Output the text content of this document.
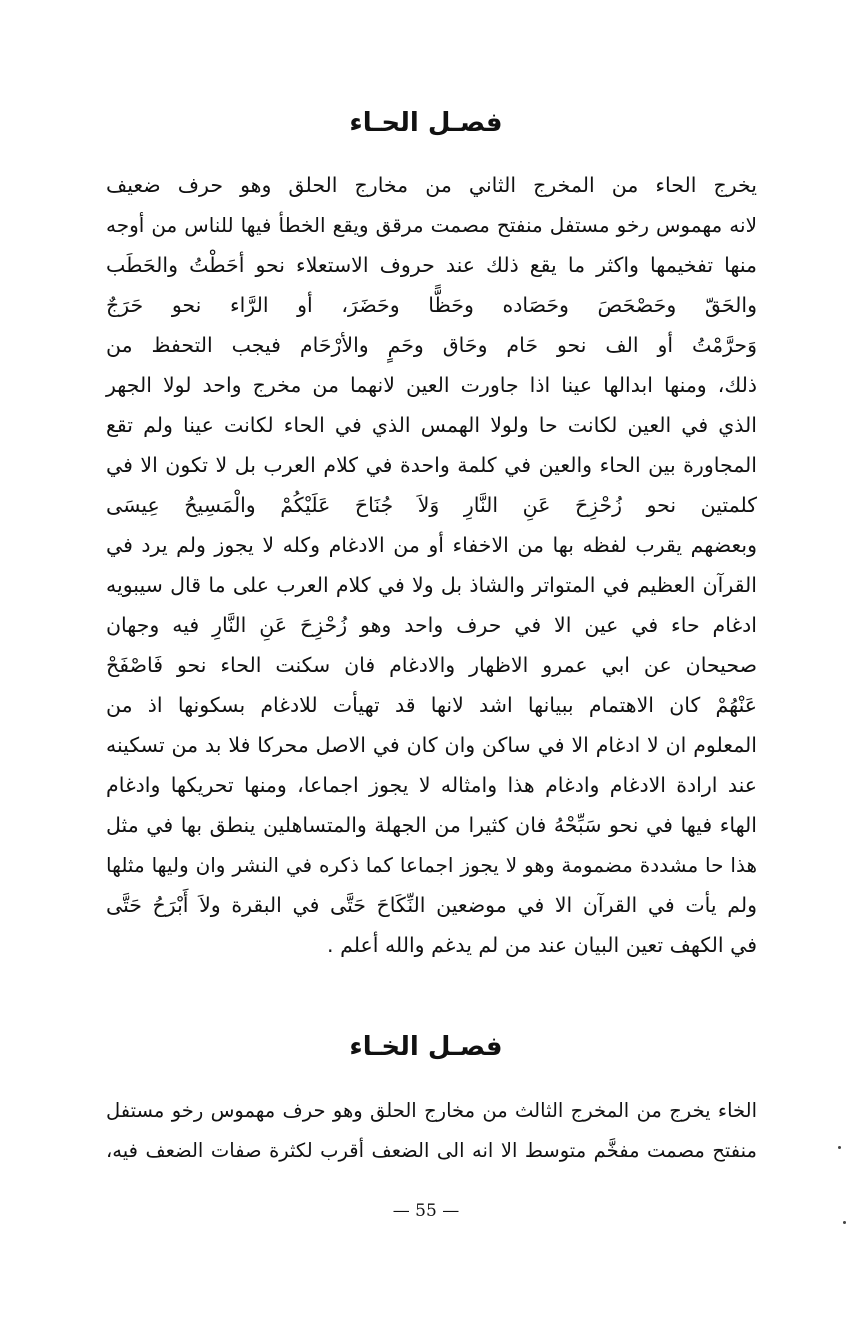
فصـل الحـاء
يخرج الحاء من المخرج الثاني من مخارج الحلق وهو حرف ضعيف
لانه مهموس رخو مستفل منفتح مصمت مرقق ويقع الخطأ فيها للناس من أوجه
منها تفخيمها واكثر ما يقع ذلك عند حروف الاستعلاء نحو أحَطْتُ والحَطَب
والحَقّ وحَصْحَصَ وحَصَاده وحَظًّا وحَضَرَ، أو الرَّاء نحو حَرَجٌ
وَحرَّمْتُ أو الف نحو حَام وحَاق وحَمٍ والأرْحَام فيجب التحفظ من
ذلك، ومنها ابدالها عينا اذا جاورت العين لانهما من مخرج واحد لولا الجهر
الذي في العين لكانت حا ولولا الهمس الذي في الحاء لكانت عينا ولم تقع
المجاورة بين الحاء والعين في كلمة واحدة في كلام العرب بل لا تكون الا في
كلمتين نحو زُحْزِحَ عَنِ النَّارِ وَلاَ جُنَاحَ عَلَيْكُمْ والْمَسِيحُ عِيسَى
وبعضهم يقرب لفظه بها من الاخفاء أو من الادغام وكله لا يجوز ولم يرد في
القرآن العظيم في المتواتر والشاذ بل ولا في كلام العرب على ما قال سيبويه
ادغام حاء في عين الا في حرف واحد وهو زُحْزِحَ عَنِ النَّارِ فيه وجهان
صحيحان عن ابي عمرو الاظهار والادغام فان سكنت الحاء نحو فَاصْفَحْ
عَنْهُمْ كان الاهتمام ببيانها اشد لانها قد تهيأت للادغام بسكونها اذ من
المعلوم ان لا ادغام الا في ساكن وان كان في الاصل محركا فلا بد من تسكينه
عند ارادة الادغام وادغام هذا وامثاله لا يجوز اجماعا، ومنها تحريكها وادغام
الهاء فيها في نحو سَبِّحْهُ فان كثيرا من الجهلة والمتساهلين ينطق بها في مثل
هذا حا مشددة مضمومة وهو لا يجوز اجماعا كما ذكره في النشر وان وليها مثلها
ولم يأت في القرآن الا في موضعين النِّكَاحَ حَتَّى في البقرة ولاَ أَبْرَحُ حَتَّى
في الكهف تعين البيان عند من لم يدغم والله أعلم .
فصـل الخـاء
الخاء يخرج من المخرج الثالث من مخارج الحلق وهو حرف مهموس رخو مستفل
منفتح مصمت مفخَّم متوسط الا انه الى الضعف أقرب لكثرة صفات الضعف فيه،
— 55 —
